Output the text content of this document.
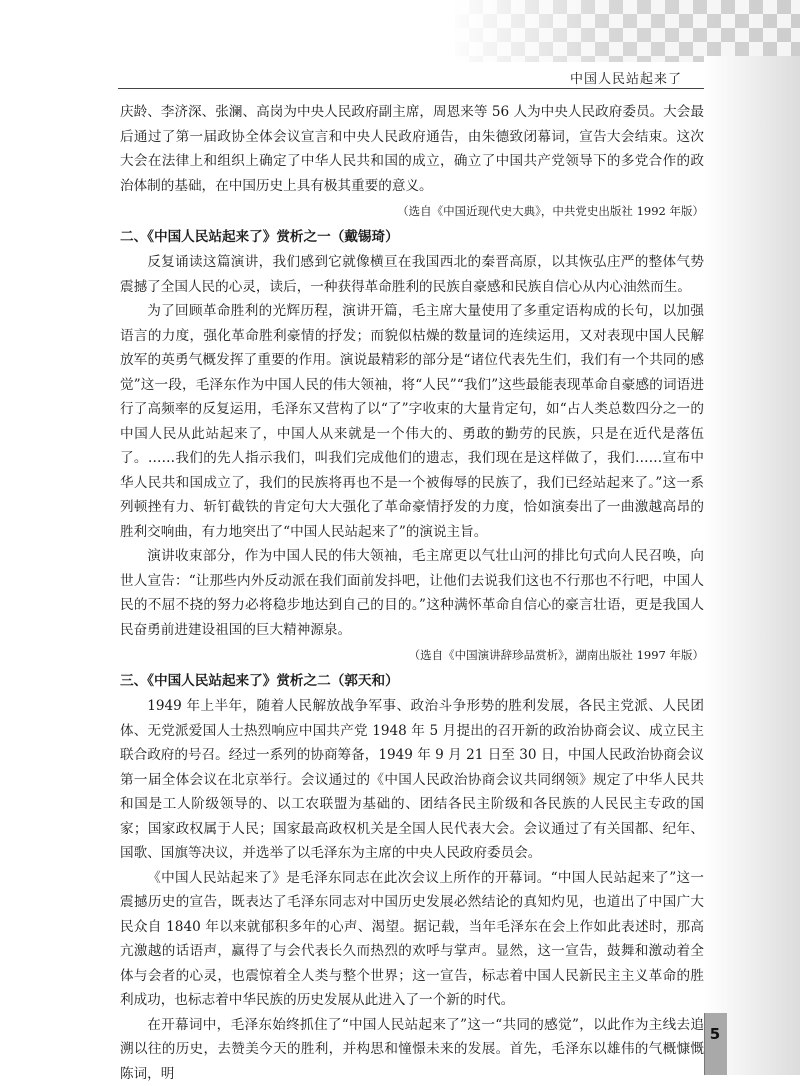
中国人民站起来了

庆龄、李济深、张澜、高岗为中央人民政府副主席，周恩来等 56 人为中央人民政府委员。大会最后通过了第一届政协全体会议宣言和中央人民政府通告，由朱德致闭幕词，宣告大会结束。这次大会在法律上和组织上确定了中华人民共和国的成立，确立了中国共产党领导下的多党合作的政治体制的基础，在中国历史上具有极其重要的意义。

（选自《中国近现代史大典》，中共党史出版社 1992 年版）
二、《中国人民站起来了》赏析之一（戴锡琦）

反复诵读这篇演讲，我们感到它就像横亘在我国西北的秦晋高原，以其恢弘庄严的整体气势震撼了全国人民的心灵，读后，一种获得革命胜利的民族自豪感和民族自信心从内心油然而生。

为了回顾革命胜利的光辉历程，演讲开篇，毛主席大量使用了多重定语构成的长句，以加强语言的力度，强化革命胜利豪情的抒发；而貌似枯燥的数量词的连续运用，又对表现中国人民解放军的英勇气概发挥了重要的作用。演说最精彩的部分是“诸位代表先生们，我们有一个共同的感觉”这一段，毛泽东作为中国人民的伟大领袖，将“人民”“我们”这些最能表现革命自豪感的词语进行了高频率的反复运用，毛泽东又营构了以“了”字收束的大量肯定句，如“占人类总数四分之一的中国人民从此站起来了，中国人从来就是一个伟大的、勇敢的勤劳的民族，只是在近代是落伍了。……我们的先人指示我们，叫我们完成他们的遗志，我们现在是这样做了，我们……宣布中华人民共和国成立了，我们的民族将再也不是一个被侮辱的民族了，我们已经站起来了。”这一系列顿挫有力、斩钉截铁的肯定句大大强化了革命豪情抒发的力度，恰如演奏出了一曲激越高昂的胜利交响曲，有力地突出了“中国人民站起来了”的演说主旨。

演讲收束部分，作为中国人民的伟大领袖，毛主席更以气壮山河的排比句式向人民召唤，向世人宣告：“让那些内外反动派在我们面前发抖吧，让他们去说我们这也不行那也不行吧，中国人民的不屈不挠的努力必将稳步地达到自己的目的。”这种满怀革命自信心的豪言壮语，更是我国人民奋勇前进建设祖国的巨大精神源泉。

（选自《中国演讲辞珍品赏析》，湖南出版社 1997 年版）
三、《中国人民站起来了》赏析之二（郭天和）

1949 年上半年，随着人民解放战争军事、政治斗争形势的胜利发展，各民主党派、人民团体、无党派爱国人士热烈响应中国共产党 1948 年 5 月提出的召开新的政治协商会议、成立民主联合政府的号召。经过一系列的协商筹备，1949 年 9 月 21 日至 30 日，中国人民政治协商会议第一届全体会议在北京举行。会议通过的《中国人民政治协商会议共同纲领》规定了中华人民共和国是工人阶级领导的、以工农联盟为基础的、团结各民主阶级和各民族的人民民主专政的国家；国家政权属于人民；国家最高政权机关是全国人民代表大会。会议通过了有关国都、纪年、国歌、国旗等决议，并选举了以毛泽东为主席的中央人民政府委员会。

《中国人民站起来了》是毛泽东同志在此次会议上所作的开幕词。“中国人民站起来了”这一震撼历史的宣告，既表达了毛泽东同志对中国历史发展必然结论的真知灼见，也道出了中国广大民众自 1840 年以来就郁积多年的心声、渴望。据记载，当年毛泽东在会上作如此表述时，那高亢激越的话语声，赢得了与会代表长久而热烈的欢呼与掌声。显然，这一宣告，鼓舞和激动着全体与会者的心灵，也震惊着全人类与整个世界；这一宣告，标志着中国人民新民主主义革命的胜利成功，也标志着中华民族的历史发展从此进入了一个新的时代。

在开幕词中，毛泽东始终抓住了“中国人民站起来了”这一“共同的感觉”，以此作为主线去追溯以往的历史，去赞美今天的胜利，并构思和憧憬未来的发展。首先，毛泽东以雄伟的气概慷慨陈词，明

5
